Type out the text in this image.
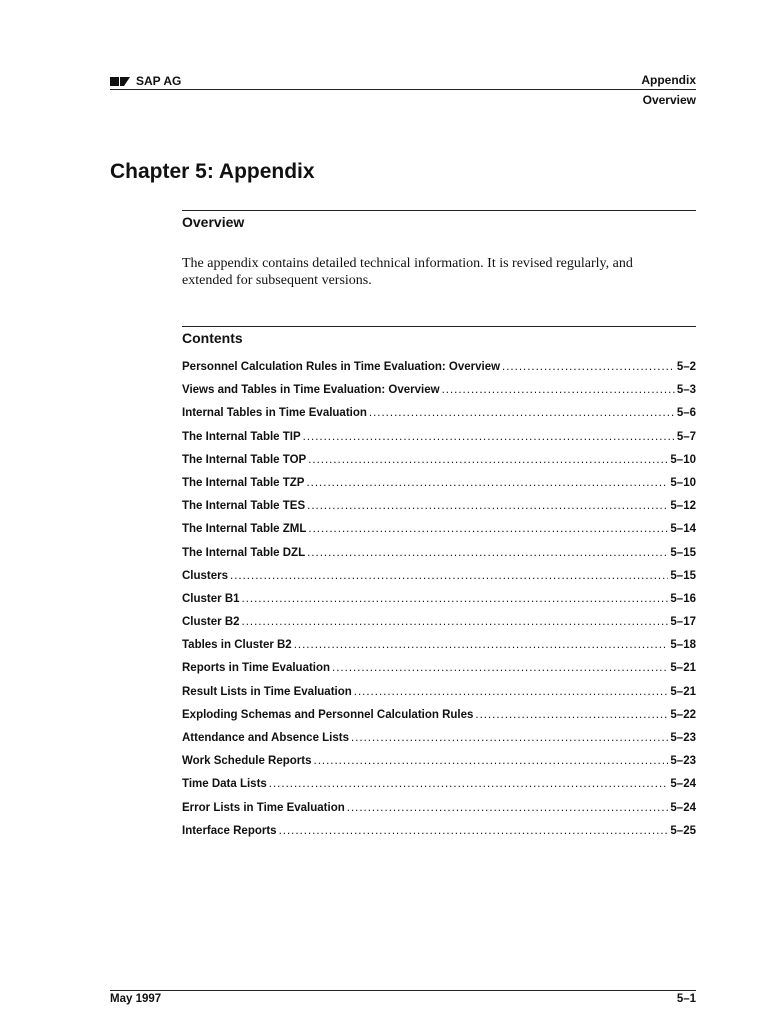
SAP AG	Appendix
Overview
Chapter 5: Appendix
Overview
The appendix contains detailed technical information. It is revised regularly, and extended for subsequent versions.
Contents
Personnel Calculation Rules in Time Evaluation: Overview .....	5–2
Views and Tables in Time Evaluation: Overview .....	5–3
Internal Tables in Time Evaluation .....	5–6
The Internal Table TIP .....	5–7
The Internal Table TOP .....	5–10
The Internal Table TZP .....	5–10
The Internal Table TES .....	5–12
The Internal Table ZML .....	5–14
The Internal Table DZL .....	5–15
Clusters .....	5–15
Cluster B1 .....	5–16
Cluster B2 .....	5–17
Tables in Cluster B2 .....	5–18
Reports in Time Evaluation .....	5–21
Result Lists in Time Evaluation .....	5–21
Exploding Schemas and Personnel Calculation Rules .....	5–22
Attendance and Absence Lists .....	5–23
Work Schedule Reports .....	5–23
Time Data Lists .....	5–24
Error Lists in Time Evaluation .....	5–24
Interface Reports .....	5–25
May 1997	5–1
